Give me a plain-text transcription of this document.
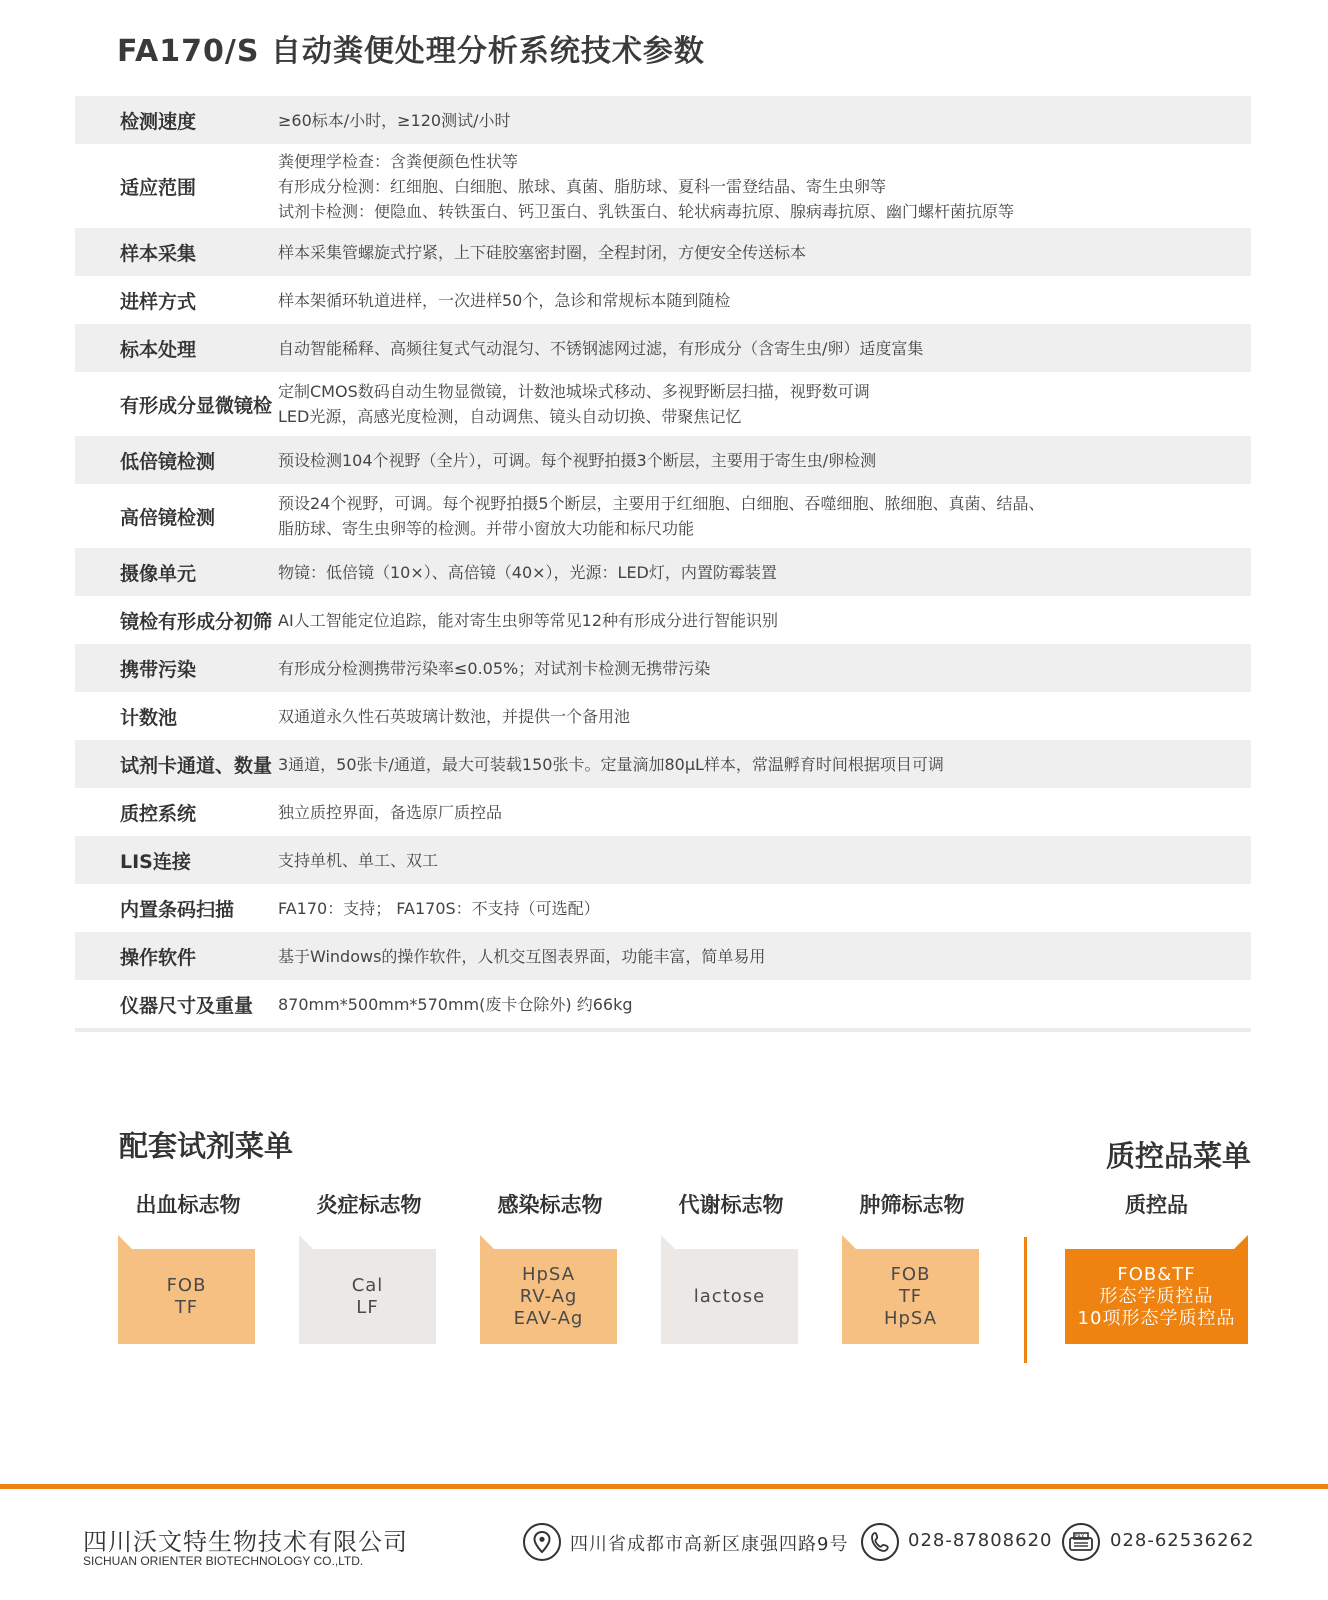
FA170/S 自动粪便处理分析系统技术参数
检测速度	≥60标本/小时，≥120测试/小时
适应范围
粪便理学检查：含粪便颜色性状等
有形成分检测：红细胞、白细胞、脓球、真菌、脂肪球、夏科一雷登结晶、寄生虫卵等
试剂卡检测：便隐血、转铁蛋白、钙卫蛋白、乳铁蛋白、轮状病毒抗原、腺病毒抗原、幽门螺杆菌抗原等
样本采集	样本采集管螺旋式拧紧，上下硅胶塞密封圈，全程封闭，方便安全传送标本
进样方式	样本架循环轨道进样，一次进样50个，急诊和常规标本随到随检
标本处理	自动智能稀释、高频往复式气动混匀、不锈钢滤网过滤，有形成分（含寄生虫/卵）适度富集
有形成分显微镜检
定制CMOS数码自动生物显微镜，计数池城垛式移动、多视野断层扫描，视野数可调
LED光源，高感光度检测，自动调焦、镜头自动切换、带聚焦记忆
低倍镜检测	预设检测104个视野（全片），可调。每个视野拍摄3个断层，主要用于寄生虫/卵检测
高倍镜检测
预设24个视野，可调。每个视野拍摄5个断层，主要用于红细胞、白细胞、吞噬细胞、脓细胞、真菌、结晶、
脂肪球、寄生虫卵等的检测。并带小窗放大功能和标尺功能
摄像单元	物镜：低倍镜（10×）、高倍镜（40×），光源：LED灯，内置防霉装置
镜检有形成分初筛 AI人工智能定位追踪，能对寄生虫卵等常见12种有形成分进行智能识别
携带污染	有形成分检测携带污染率≤0.05%；对试剂卡检测无携带污染
计数池	双通道永久性石英玻璃计数池，并提供一个备用池
试剂卡通道、数量 3通道，50张卡/通道，最大可装载150张卡。定量滴加80μL样本，常温孵育时间根据项目可调
质控系统	独立质控界面，备选原厂质控品
LIS连接	支持单机、单工、双工
内置条码扫描	FA170：支持； FA170S：不支持（可选配）
操作软件	基于Windows的操作软件，人机交互图表界面，功能丰富，简单易用
仪器尺寸及重量	870mm*500mm*570mm(废卡仓除外) 约66kg
配套试剂菜单	质控品菜单
出血标志物
FOB
TF
炎症标志物
Cal
LF
感染标志物
HpSA
RV-Ag
EAV-Ag
代谢标志物
lactose
肿筛标志物
FOB
TF
HpSA
质控品
FOB&TF
形态学质控品
10项形态学质控品
四川沃文特生物技术有限公司
SICHUAN ORIENTER BIOTECHNOLOGY CO.,LTD.
四川省成都市高新区康强四路9号	028-87808620	FAX 028-62536262
